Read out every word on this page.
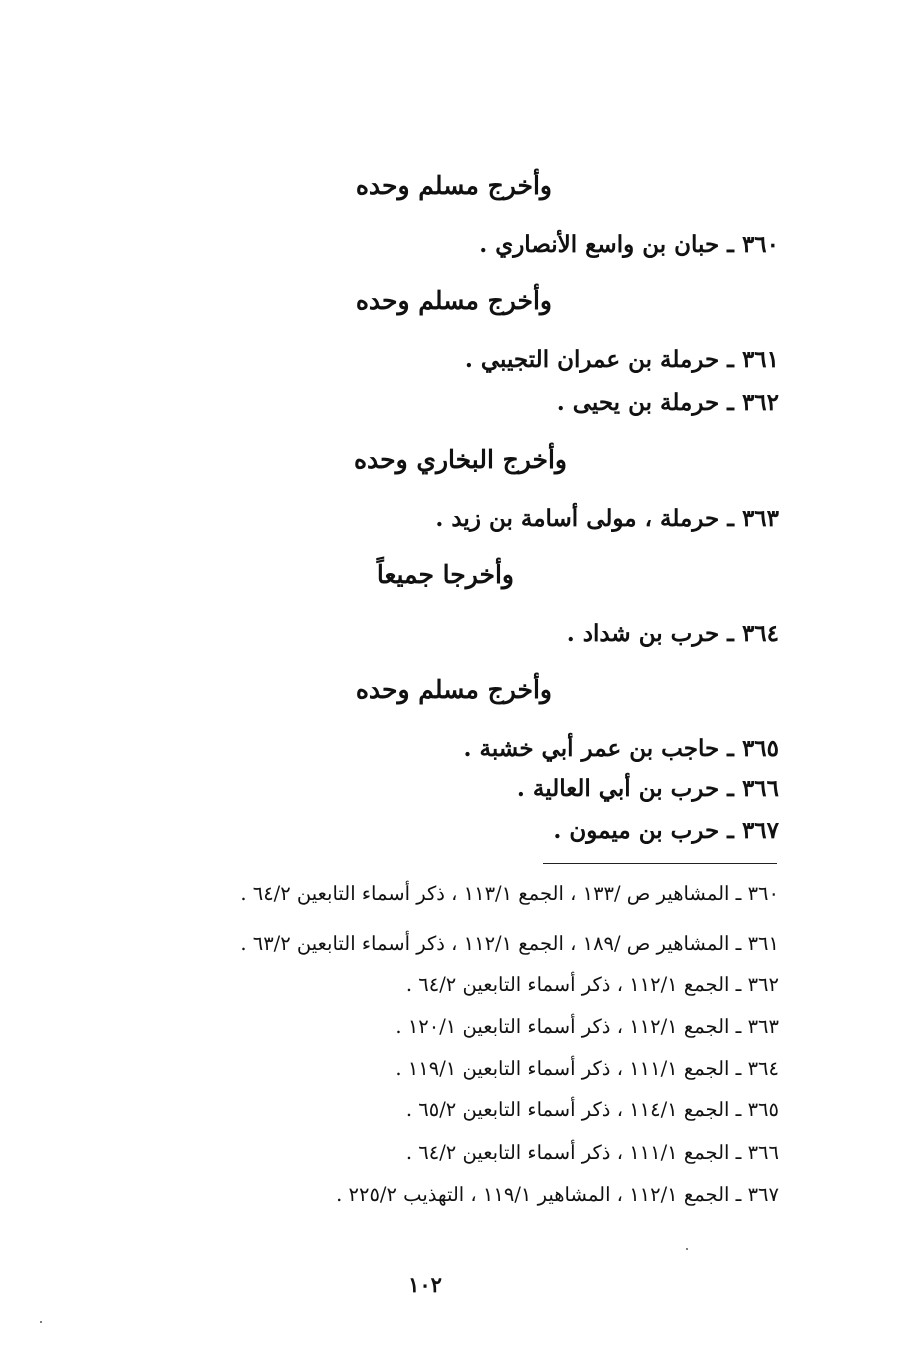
وأخرج مسلم وحده
٣٦٠ ـ حبان بن واسع الأنصاري .
وأخرج مسلم وحده
٣٦١ ـ حرملة بن عمران التجيبي .
٣٦٢ ـ حرملة بن يحيى .
وأخرج البخاري وحده
٣٦٣ ـ حرملة ، مولى أسامة بن زيد .
وأخرجا جميعاً
٣٦٤ ـ حرب بن شداد .
وأخرج مسلم وحده
٣٦٥ ـ حاجب بن عمر أبي خشبة .
٣٦٦ ـ حرب بن أبي العالية .
٣٦٧ ـ حرب بن ميمون .
٣٦٠ ـ المشاهير ص /١٣٣ ، الجمع ١١٣/١ ، ذكر أسماء التابعين ٦٤/٢ .
٣٦١ ـ المشاهير ص /١٨٩ ، الجمع ١١٢/١ ، ذكر أسماء التابعين ٦٣/٢ .
٣٦٢ ـ الجمع ١١٢/١ ، ذكر أسماء التابعين ٦٤/٢ .
٣٦٣ ـ الجمع ١١٢/١ ، ذكر أسماء التابعين ١٢٠/١ .
٣٦٤ ـ الجمع ١١١/١ ، ذكر أسماء التابعين ١١٩/١ .
٣٦٥ ـ الجمع ١١٤/١ ، ذكر أسماء التابعين ٦٥/٢ .
٣٦٦ ـ الجمع ١١١/١ ، ذكر أسماء التابعين ٦٤/٢ .
٣٦٧ ـ الجمع ١١٢/١ ، المشاهير ١١٩/١ ، التهذيب ٢٢٥/٢ .
١٠٢
